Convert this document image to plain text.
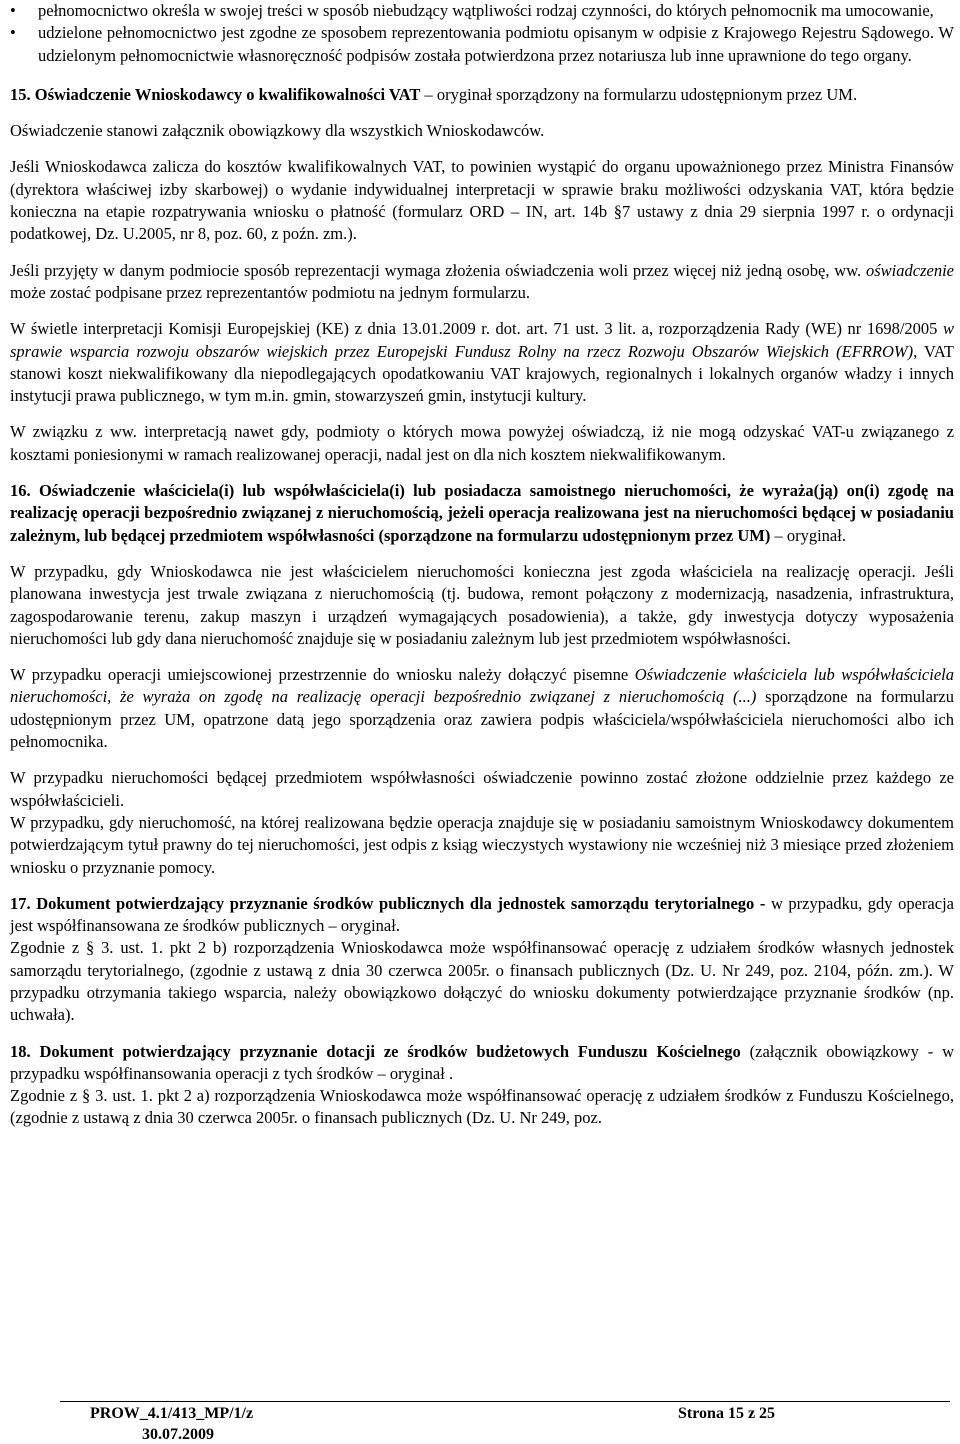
• pełnomocnictwo określa w swojej treści w sposób niebudzący wątpliwości rodzaj czynności, do których pełnomocnik ma umocowanie,

• udzielone pełnomocnictwo jest zgodne ze sposobem reprezentowania podmiotu opisanym w odpisie z Krajowego Rejestru Sądowego. W udzielonym pełnomocnictwie własnoręczność podpisów została potwierdzona przez notariusza lub inne uprawnione do tego organy.

15. Oświadczenie Wnioskodawcy o kwalifikowalności VAT – oryginał sporządzony na formularzu udostępnionym przez UM.

Oświadczenie stanowi załącznik obowiązkowy dla wszystkich Wnioskodawców.

Jeśli Wnioskodawca zalicza do kosztów kwalifikowalnych VAT, to powinien wystąpić do organu upoważnionego przez Ministra Finansów (dyrektora właściwej izby skarbowej) o wydanie indywidualnej interpretacji w sprawie braku możliwości odzyskania VAT, która będzie konieczna na etapie rozpatrywania wniosku o płatność (formularz ORD – IN, art. 14b §7 ustawy z dnia 29 sierpnia 1997 r. o ordynacji podatkowej, Dz. U.2005, nr 8, poz. 60, z poźn. zm.).

Jeśli przyjęty w danym podmiocie sposób reprezentacji wymaga złożenia oświadczenia woli przez więcej niż jedną osobę, ww. oświadczenie może zostać podpisane przez reprezentantów podmiotu na jednym formularzu.

W świetle interpretacji Komisji Europejskiej (KE) z dnia 13.01.2009 r. dot. art. 71 ust. 3 lit. a, rozporządzenia Rady (WE) nr 1698/2005 w sprawie wsparcia rozwoju obszarów wiejskich przez Europejski Fundusz Rolny na rzecz Rozwoju Obszarów Wiejskich (EFRROW), VAT stanowi koszt niekwalifikowany dla niepodlegających opodatkowaniu VAT krajowych, regionalnych i lokalnych organów władzy i innych instytucji prawa publicznego, w tym m.in. gmin, stowarzyszeń gmin, instytucji kultury.

W związku z ww. interpretacją nawet gdy, podmioty o których mowa powyżej oświadczą, iż nie mogą odzyskać VAT-u związanego z kosztami poniesionymi w ramach realizowanej operacji, nadal jest on dla nich kosztem niekwalifikowanym.

16. Oświadczenie właściciela(i) lub współwłaściciela(i) lub posiadacza samoistnego nieruchomości, że wyraża(ją) on(i) zgodę na realizację operacji bezpośrednio związanej z nieruchomością, jeżeli operacja realizowana jest na nieruchomości będącej w posiadaniu zależnym, lub będącej przedmiotem współwłasności (sporządzone na formularzu udostępnionym przez UM) – oryginał.

W przypadku, gdy Wnioskodawca nie jest właścicielem nieruchomości konieczna jest zgoda właściciela na realizację operacji. Jeśli planowana inwestycja jest trwale związana z nieruchomością (tj. budowa, remont połączony z modernizacją, nasadzenia, infrastruktura, zagospodarowanie terenu, zakup maszyn i urządzeń wymagających posadowienia), a także, gdy inwestycja dotyczy wyposażenia nieruchomości lub gdy dana nieruchomość znajduje się w posiadaniu zależnym lub jest przedmiotem współwłasności.

W przypadku operacji umiejscowionej przestrzennie do wniosku należy dołączyć pisemne Oświadczenie właściciela lub współwłaściciela nieruchomości, że wyraża on zgodę na realizację operacji bezpośrednio związanej z nieruchomością (...) sporządzone na formularzu udostępnionym przez UM, opatrzone datą jego sporządzenia oraz zawiera podpis właściciela/współwłaściciela nieruchomości albo ich pełnomocnika.

W przypadku nieruchomości będącej przedmiotem współwłasności oświadczenie powinno zostać złożone oddzielnie przez każdego ze współwłaścicieli.

W przypadku, gdy nieruchomość, na której realizowana będzie operacja znajduje się w posiadaniu samoistnym Wnioskodawcy dokumentem potwierdzającym tytuł prawny do tej nieruchomości, jest odpis z ksiąg wieczystych wystawiony nie wcześniej niż 3 miesiące przed złożeniem wniosku o przyznanie pomocy.

17. Dokument potwierdzający przyznanie środków publicznych dla jednostek samorządu terytorialnego - w przypadku, gdy operacja jest współfinansowana ze środków publicznych – oryginał.

Zgodnie z § 3. ust. 1. pkt 2 b) rozporządzenia Wnioskodawca może współfinansować operację z udziałem środków własnych jednostek samorządu terytorialnego, (zgodnie z ustawą z dnia 30 czerwca 2005r. o finansach publicznych (Dz. U. Nr 249, poz. 2104, późn. zm.). W przypadku otrzymania takiego wsparcia, należy obowiązkowo dołączyć do wniosku dokumenty potwierdzające przyznanie środków (np. uchwała).

18. Dokument potwierdzający przyznanie dotacji ze środków budżetowych Funduszu Kościelnego (załącznik obowiązkowy - w przypadku współfinansowania operacji z tych środków – oryginał .

Zgodnie z § 3. ust. 1. pkt 2 a) rozporządzenia Wnioskodawca może współfinansować operację z udziałem środków z Funduszu Kościelnego, (zgodnie z ustawą z dnia 30 czerwca 2005r. o finansach publicznych (Dz. U. Nr 249, poz.

PROW_4.1/413_MP/1/z	Strona 15 z 25
30.07.2009
